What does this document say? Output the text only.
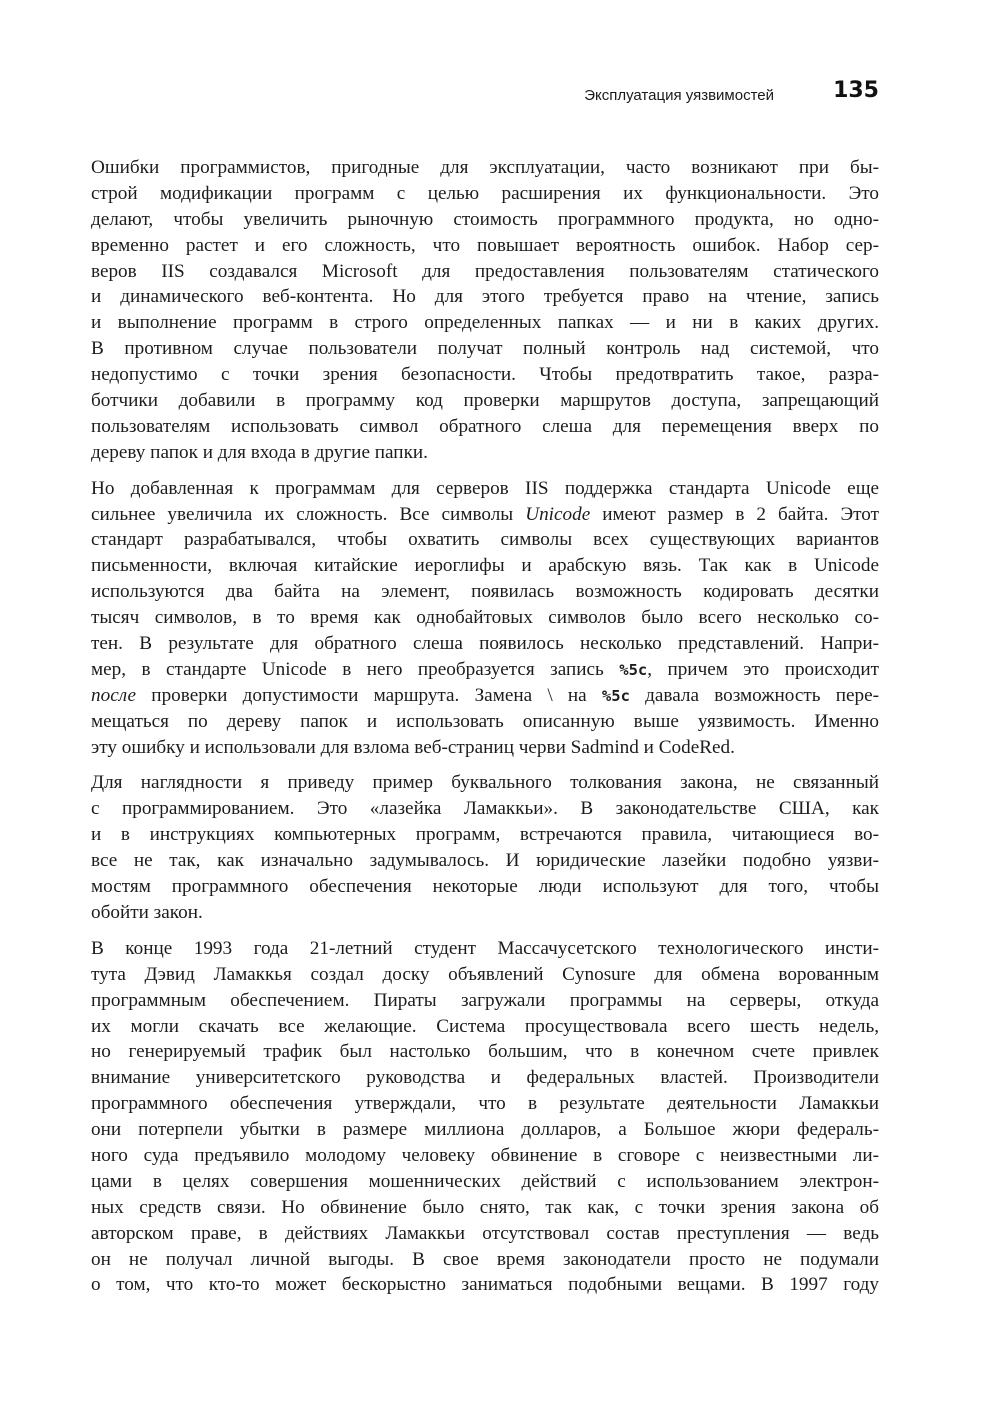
Эксплуатация уязвимостей	135
Ошибки программистов, пригодные для эксплуатации, часто возникают при бы-
строй модификации программ с целью расширения их функциональности. Это
делают, чтобы увеличить рыночную стоимость программного продукта, но одно-
временно растет и его сложность, что повышает вероятность ошибок. Набор сер-
веров IIS создавался Microsoft для предоставления пользователям статического
и динамического веб-контента. Но для этого требуется право на чтение, запись
и выполнение программ в строго определенных папках — и ни в каких других.
В противном случае пользователи получат полный контроль над системой, что
недопустимо с точки зрения безопасности. Чтобы предотвратить такое, разра-
ботчики добавили в программу код проверки маршрутов доступа, запрещающий
пользователям использовать символ обратного слеша для перемещения вверх по
дереву папок и для входа в другие папки.
Но добавленная к программам для серверов IIS поддержка стандарта Unicode еще
сильнее увеличила их сложность. Все символы Unicode имеют размер в 2 байта. Этот
стандарт разрабатывался, чтобы охватить символы всех существующих вариантов
письменности, включая китайские иероглифы и арабскую вязь. Так как в Unicode
используются два байта на элемент, появилась возможность кодировать десятки
тысяч символов, в то время как однобайтовых символов было всего несколько со-
тен. В результате для обратного слеша появилось несколько представлений. Напри-
мер, в стандарте Unicode в него преобразуется запись %5c, причем это происходит
после проверки допустимости маршрута. Замена \ на %5c давала возможность пере-
мещаться по дереву папок и использовать описанную выше уязвимость. Именно
эту ошибку и использовали для взлома веб-страниц черви Sadmind и CodeRed.
Для наглядности я приведу пример буквального толкования закона, не связанный
с программированием. Это «лазейка Ламаккьи». В законодательстве США, как
и в инструкциях компьютерных программ, встречаются правила, читающиеся во-
все не так, как изначально задумывалось. И юридические лазейки подобно уязви-
мостям программного обеспечения некоторые люди используют для того, чтобы
обойти закон.
В конце 1993 года 21-летний студент Массачусетского технологического инсти-
тута Дэвид Ламаккья создал доску объявлений Cynosure для обмена ворованным
программным обеспечением. Пираты загружали программы на серверы, откуда
их могли скачать все желающие. Система просуществовала всего шесть недель,
но генерируемый трафик был настолько большим, что в конечном счете привлек
внимание университетского руководства и федеральных властей. Производители
программного обеспечения утверждали, что в результате деятельности Ламаккьи
они потерпели убытки в размере миллиона долларов, а Большое жюри федераль-
ного суда предъявило молодому человеку обвинение в сговоре с неизвестными ли-
цами в целях совершения мошеннических действий с использованием электрон-
ных средств связи. Но обвинение было снято, так как, с точки зрения закона об
авторском праве, в действиях Ламаккьи отсутствовал состав преступления — ведь
он не получал личной выгоды. В свое время законодатели просто не подумали
о том, что кто-то может бескорыстно заниматься подобными вещами. В 1997 году
